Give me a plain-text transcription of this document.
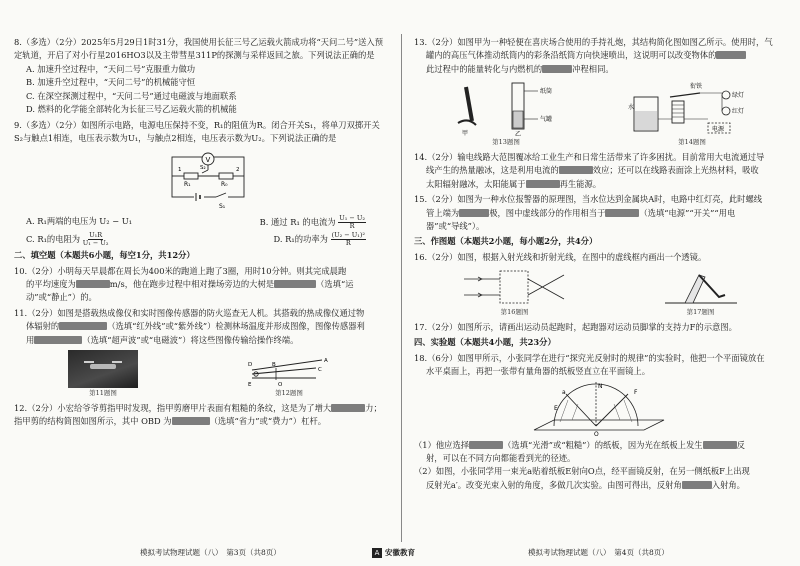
8.（多选）（2分）2025年5月29日1时31分，我国使用长征三号乙运载火箭成功将“天问二号”送入预定轨道，开启了对小行星2016HO3以及主带彗星311P的探测与采样返回之旅。下列说法正确的是

A. 加速升空过程中，“天问二号”克服重力做功

B. 加速升空过程中，“天问二号”的机械能守恒

C. 在深空探测过程中，“天问二号”通过电磁波与地面联系

D. 燃料的化学能全部转化为长征三号乙运载火箭的机械能

9.（多选）（2分）如图所示电路，电源电压保持不变，R₁的阻值为R。闭合开关S₁，将单刀双掷开关S₂与触点1相连，电压表示数为U₁，与触点2相连，电压表示数为U₂。下列说法正确的是

V
R₁	R₀
1	S₂	2
S₁
A. R₁两端的电压为 U₂ − U₁	B. 通过 R₁ 的电流为 $\frac{\text{U₁ − U₂}}{R}$
C. R₁的电阻为 $\frac{\text{U₁R}}{\text{U₁ − U₂}}$	D. R₁的功率为 $\frac{\text{(U₂ − U₁)²}}{R}$

二、填空题（本题共6小题，每空1分，共12分）

10.（2分）小明每天早晨都在周长为400米的跑道上跑了3圈，用时10分钟。则其完成晨跑

的平均速度为	m/s，他在跑步过程中相对操场旁边的大树是	（选填“运

动”或“静止”）的。

11.（2分）如图是搭载热成像仪和实时图像传感器的防火巡查无人机。其搭载的热成像仪通过物

体辐射的	（选填“红外线”或“紫外线”）检测林场温度并形成图像，图像传感器利

用	（选填“超声波”或“电磁波”）将这些图像传输给操作终端。

第11题图
A
B
C
D
E	O
第12题图

12.（2分）小宏给爷爷剪指甲时发现，指甲剪磨甲片表面有粗糙的条纹，这是为了增大	力；

指甲剪的结构简图如图所示，其中 OBD 为	（选填“省力”或“费力”）杠杆。

13.（2分）如图甲为一种轻便在喜庆场合使用的手持礼炮，其结构简化图如图乙所示。使用时，气

罐内的高压气体推动纸筒内的彩条沿纸筒方向快速喷出，这说明可以改变物体的

此过程中的能量转化与内燃机的	冲程相同。

甲
纸筒
气罐
乙
第13题图
水
衔铁
绿灯
红灯
电源
第14题图

14.（2分）输电线路大范围覆冰给工业生产和日常生活带来了许多困扰。目前常用大电流通过导

线产生的热量融冰，这是利用电流的	效应；还可以在线路表面涂上光热材料，吸收

太阳辐射融冰，太阳能属于	再生能源。

15.（2分）如图为一种水位报警器的原理图，当水位达到金属块A时，电路中红灯亮，此时螺线

管上端为	极，图中虚线部分的作用相当于	（选填“电源”“开关”“用电

器”或“导线”）。

三、作图题（本题共2小题，每小题2分，共4分）

16.（2分）如图，根据入射光线和折射光线，在图中的虚线框内画出一个透镜。

第16题图	第17题图

17.（2分）如图所示，请画出运动员起跑时，起跑器对运动员脚掌的支持力F的示意图。

四、实验题（本题共4小题，共23分）

18.（6分）如图甲所示，小张同学在进行“探究光反射时的规律”的实验时，他把一个平面镜放在

水平桌面上，再把一张带有量角器的纸板竖直立在平面镜上。

N
F
E
O
a

（1）他应选择	（选填“光滑”或“粗糙”）的纸板，因为光在纸板上发生	反

射，可以在不同方向都能看到光的径迹。

（2）如图，小张同学用一束光a贴着纸板E射向O点，经平面镜反射，在另一侧纸板F上出现

反射光a′。改变光束入射的角度，多做几次实验。由图可得出，反射角	入射角。

模拟考试物理试题（八）　第3页（共8页）	A 安徽教育	模拟考试物理试题（八）　第4页（共8页）
